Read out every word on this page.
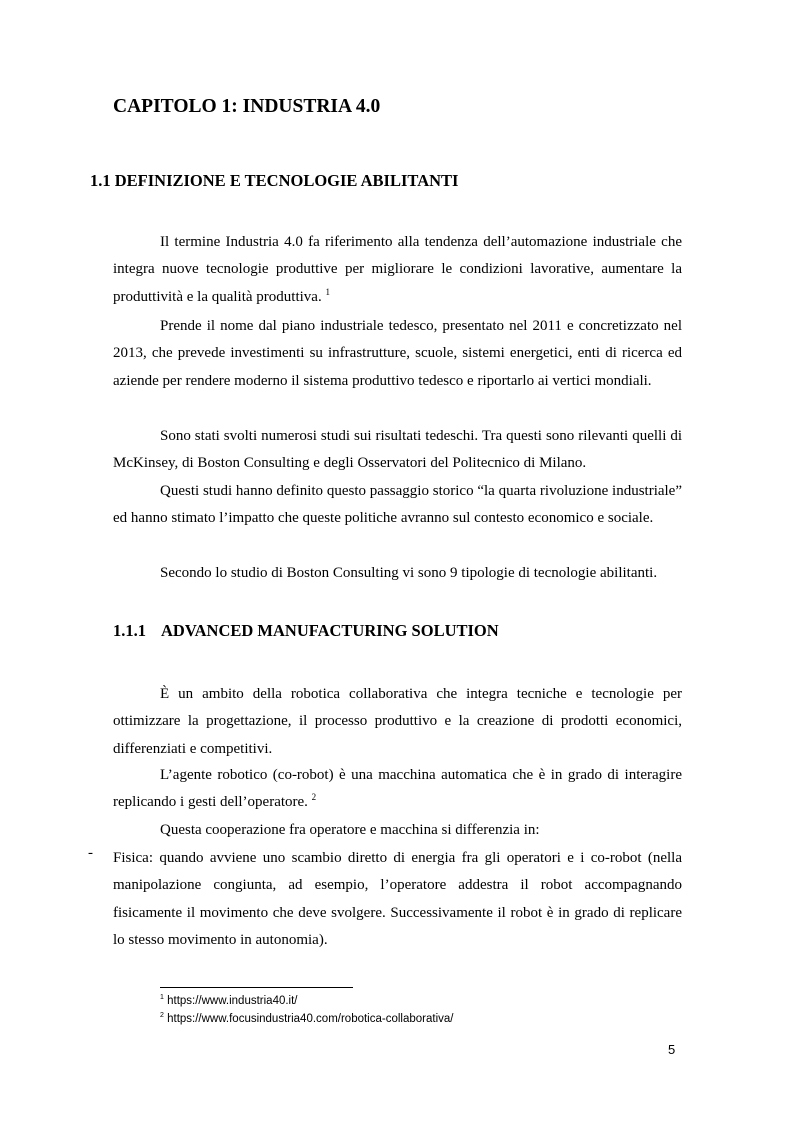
CAPITOLO 1: INDUSTRIA 4.0
1.1 DEFINIZIONE E TECNOLOGIE ABILITANTI

Il termine Industria 4.0 fa riferimento alla tendenza dell’automazione industriale che integra nuove tecnologie produttive per migliorare le condizioni lavorative, aumentare la produttività e la qualità produttiva. $^1$

Prende il nome dal piano industriale tedesco, presentato nel 2011 e concretizzato nel 2013, che prevede investimenti su infrastrutture, scuole, sistemi energetici, enti di ricerca ed aziende per rendere moderno il sistema produttivo tedesco e riportarlo ai vertici mondiali.

Sono stati svolti numerosi studi sui risultati tedeschi. Tra questi sono rilevanti quelli di McKinsey, di Boston Consulting e degli Osservatori del Politecnico di Milano.

Questi studi hanno definito questo passaggio storico “la quarta rivoluzione industriale” ed hanno stimato l’impatto che queste politiche avranno sul contesto economico e sociale.

Secondo lo studio di Boston Consulting vi sono 9 tipologie di tecnologie abilitanti.

1.1.1 ADVANCED MANUFACTURING SOLUTION

È un ambito della robotica collaborativa che integra tecniche e tecnologie per ottimizzare la progettazione, il processo produttivo e la creazione di prodotti economici, differenziati e competitivi.

L’agente robotico (co-robot) è una macchina automatica che è in grado di interagire replicando i gesti dell’operatore. $^2$

Questa cooperazione fra operatore e macchina si differenzia in:

- Fisica: quando avviene uno scambio diretto di energia fra gli operatori e i co-robot (nella manipolazione congiunta, ad esempio, l’operatore addestra il robot accompagnando fisicamente il movimento che deve svolgere. Successivamente il robot è in grado di replicare lo stesso movimento in autonomia).

$^1$ https://www.industria40.it/

$^2$ https://www.focusindustria40.com/robotica-collaborativa/

5
